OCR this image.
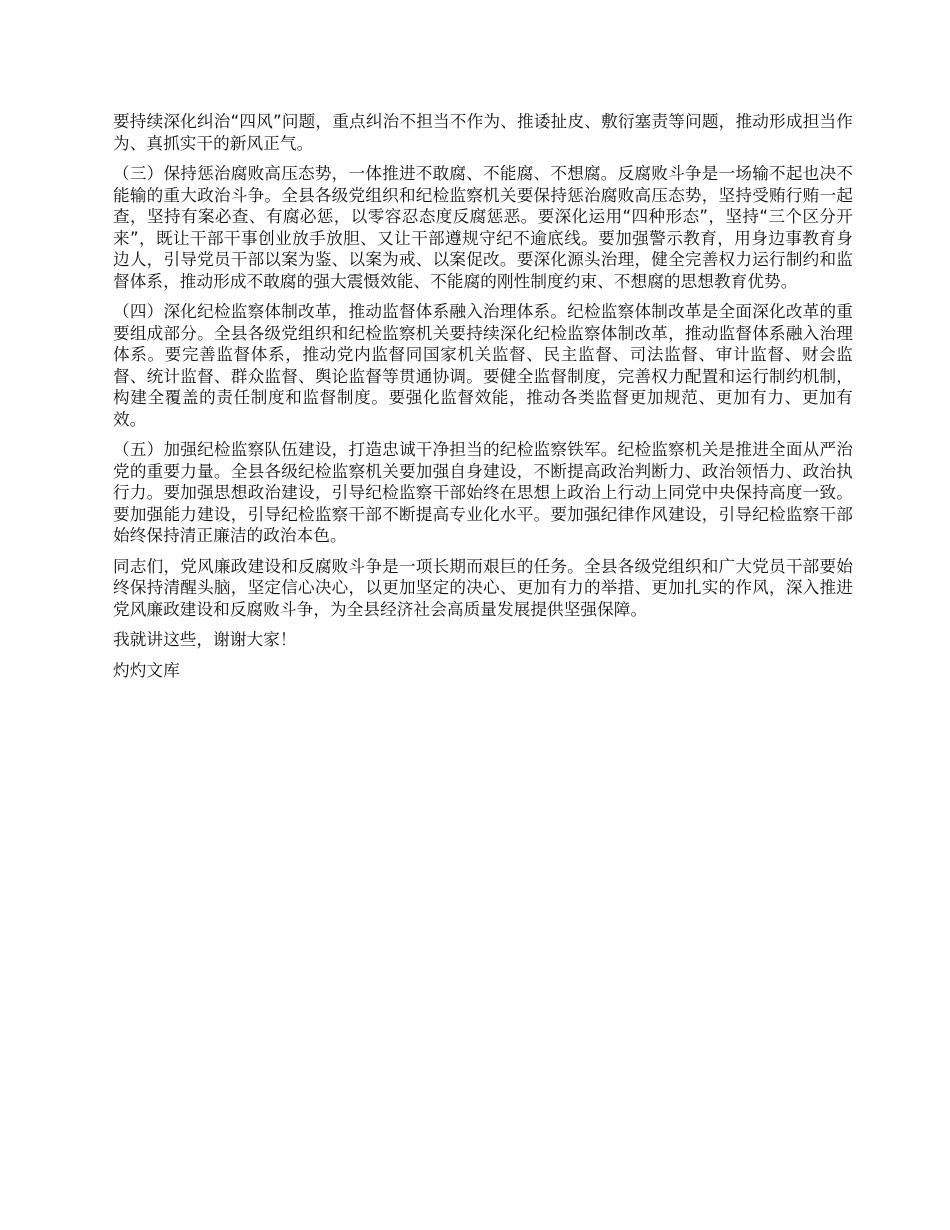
要持续深化纠治“四风”问题，重点纠治不担当不作为、推诿扯皮、敷衍塞责等问题，推动形成担当作为、真抓实干的新风正气。

（三）保持惩治腐败高压态势，一体推进不敢腐、不能腐、不想腐。反腐败斗争是一场输不起也决不能输的重大政治斗争。全县各级党组织和纪检监察机关要保持惩治腐败高压态势，坚持受贿行贿一起查，坚持有案必查、有腐必惩，以零容忍态度反腐惩恶。要深化运用“四种形态”，坚持“三个区分开来”，既让干部干事创业放手放胆、又让干部遵规守纪不逾底线。要加强警示教育，用身边事教育身边人，引导党员干部以案为鉴、以案为戒、以案促改。要深化源头治理，健全完善权力运行制约和监督体系，推动形成不敢腐的强大震慑效能、不能腐的刚性制度约束、不想腐的思想教育优势。

（四）深化纪检监察体制改革，推动监督体系融入治理体系。纪检监察体制改革是全面深化改革的重要组成部分。全县各级党组织和纪检监察机关要持续深化纪检监察体制改革，推动监督体系融入治理体系。要完善监督体系，推动党内监督同国家机关监督、民主监督、司法监督、审计监督、财会监督、统计监督、群众监督、舆论监督等贯通协调。要健全监督制度，完善权力配置和运行制约机制，构建全覆盖的责任制度和监督制度。要强化监督效能，推动各类监督更加规范、更加有力、更加有效。

（五）加强纪检监察队伍建设，打造忠诚干净担当的纪检监察铁军。纪检监察机关是推进全面从严治党的重要力量。全县各级纪检监察机关要加强自身建设，不断提高政治判断力、政治领悟力、政治执行力。要加强思想政治建设，引导纪检监察干部始终在思想上政治上行动上同党中央保持高度一致。要加强能力建设，引导纪检监察干部不断提高专业化水平。要加强纪律作风建设，引导纪检监察干部始终保持清正廉洁的政治本色。

同志们，党风廉政建设和反腐败斗争是一项长期而艰巨的任务。全县各级党组织和广大党员干部要始终保持清醒头脑，坚定信心决心，以更加坚定的决心、更加有力的举措、更加扎实的作风，深入推进党风廉政建设和反腐败斗争，为全县经济社会高质量发展提供坚强保障。

我就讲这些，谢谢大家！

灼灼文库
